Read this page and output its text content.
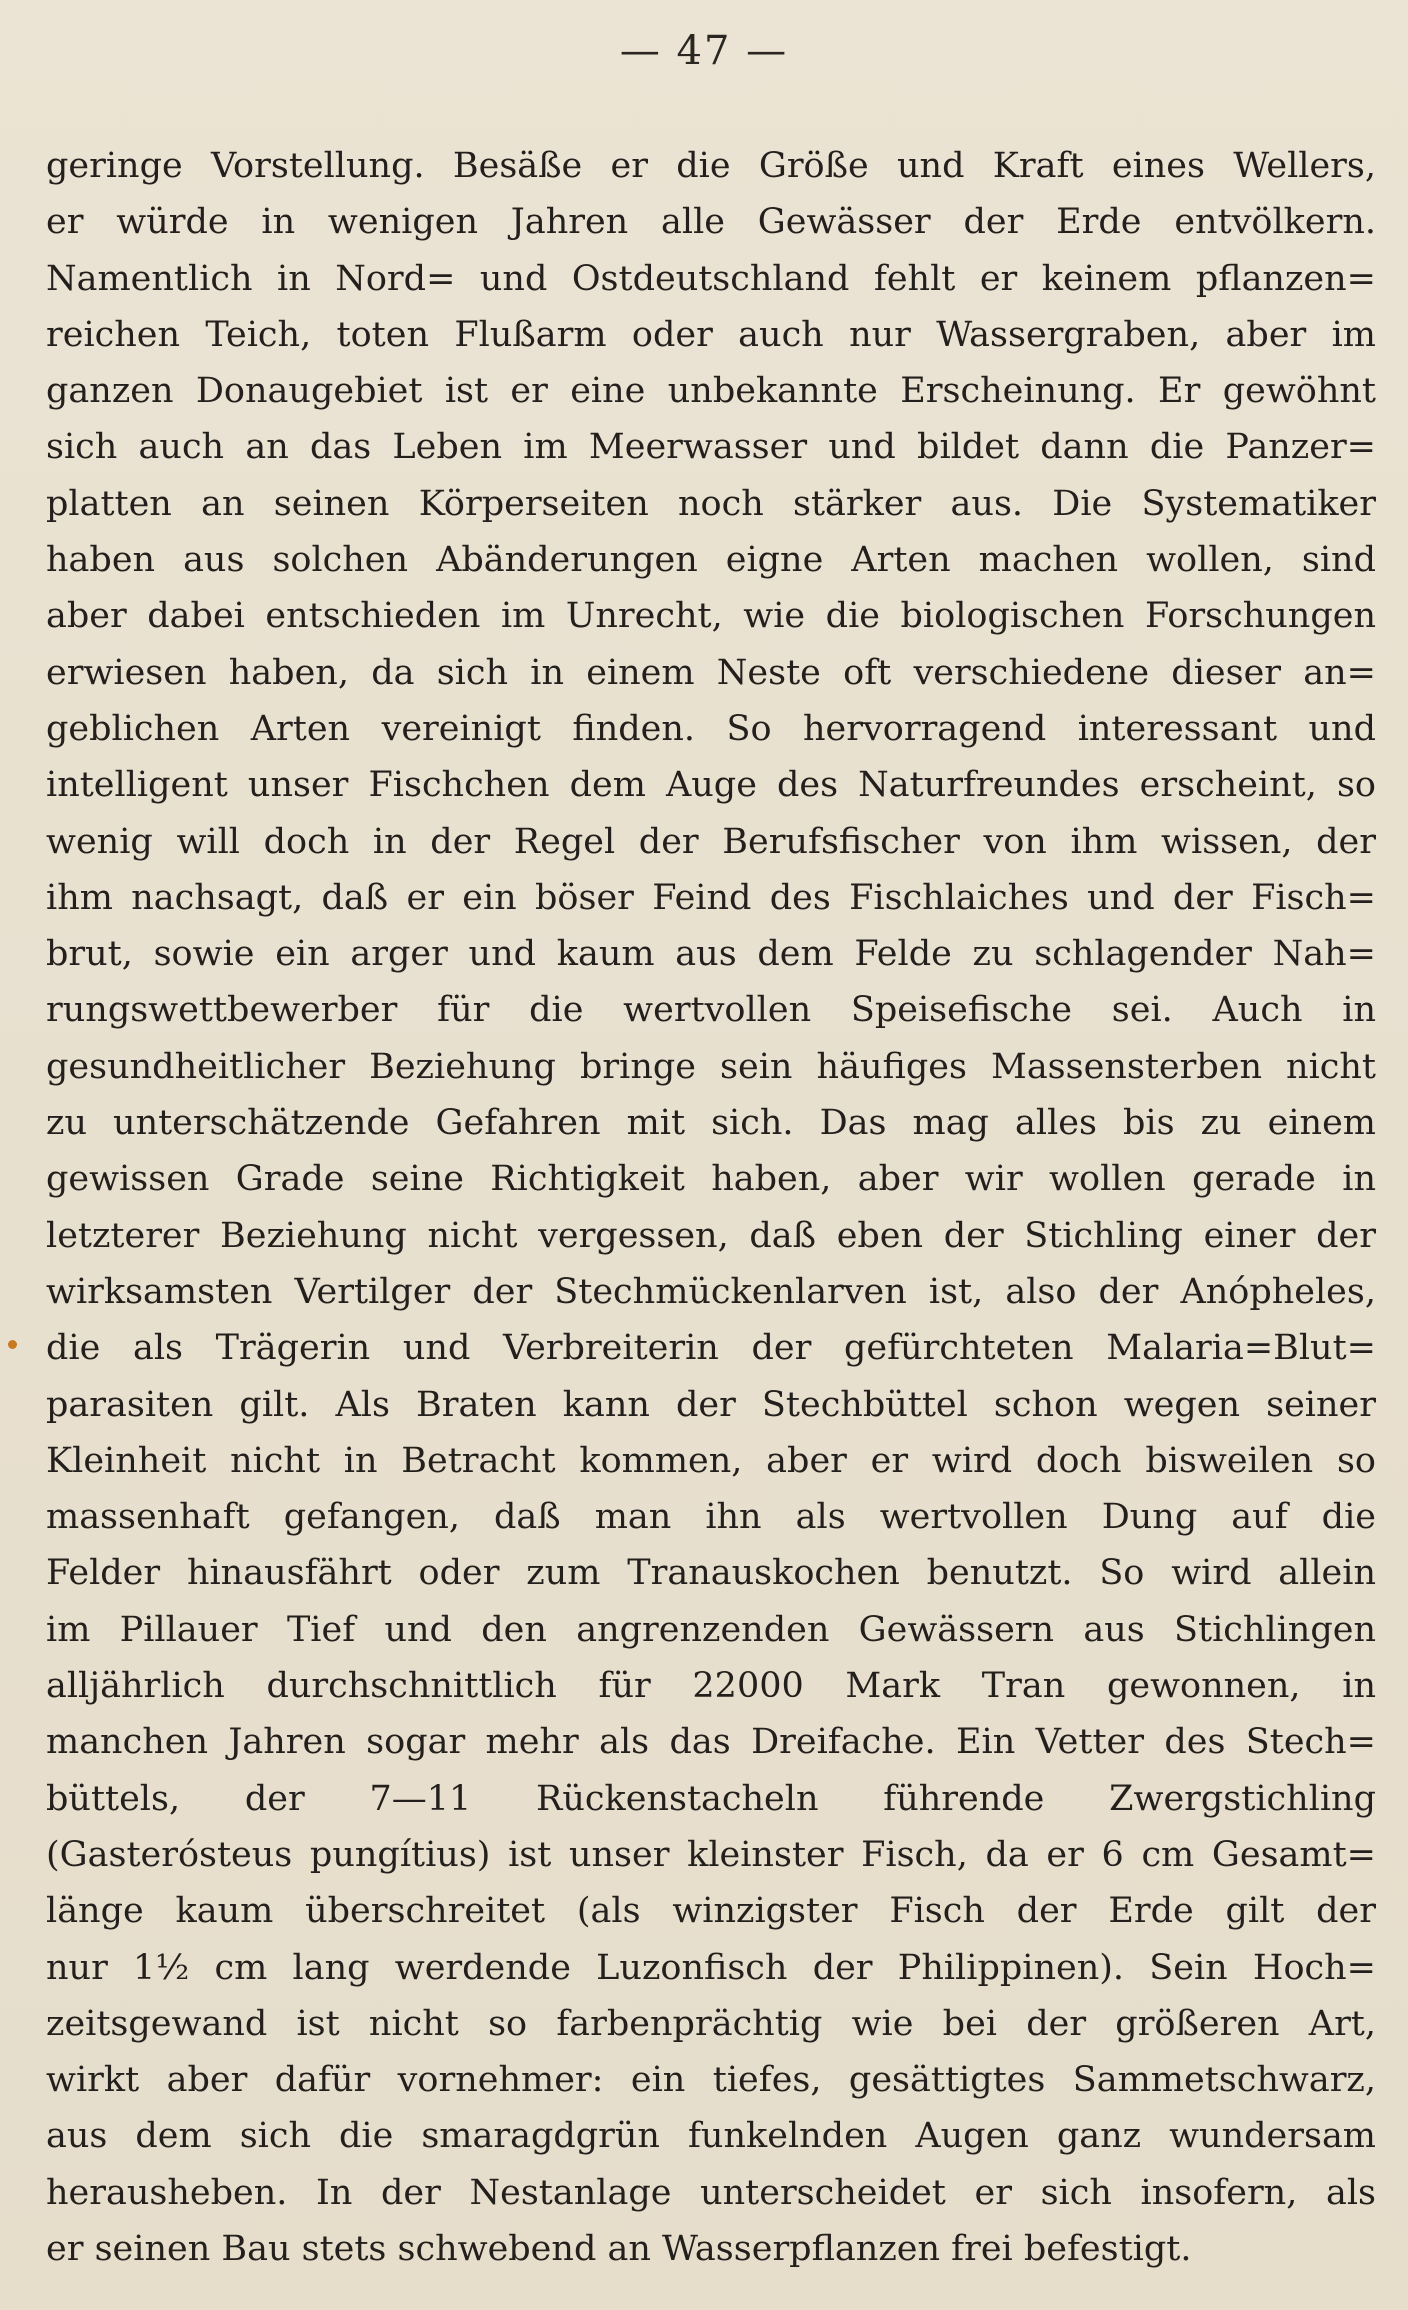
— 47 —
geringe Vorstellung. Besäße er die Größe und Kraft eines Wellers,
er würde in wenigen Jahren alle Gewässer der Erde entvölkern.
Namentlich in Nord= und Ostdeutschland fehlt er keinem pflanzen=
reichen Teich, toten Flußarm oder auch nur Wassergraben, aber im
ganzen Donaugebiet ist er eine unbekannte Erscheinung. Er gewöhnt
sich auch an das Leben im Meerwasser und bildet dann die Panzer=
platten an seinen Körperseiten noch stärker aus. Die Systematiker
haben aus solchen Abänderungen eigne Arten machen wollen, sind
aber dabei entschieden im Unrecht, wie die biologischen Forschungen
erwiesen haben, da sich in einem Neste oft verschiedene dieser an=
geblichen Arten vereinigt finden. So hervorragend interessant und
intelligent unser Fischchen dem Auge des Naturfreundes erscheint, so
wenig will doch in der Regel der Berufsfischer von ihm wissen, der
ihm nachsagt, daß er ein böser Feind des Fischlaiches und der Fisch=
brut, sowie ein arger und kaum aus dem Felde zu schlagender Nah=
rungswettbewerber für die wertvollen Speisefische sei. Auch in
gesundheitlicher Beziehung bringe sein häufiges Massensterben nicht
zu unterschätzende Gefahren mit sich. Das mag alles bis zu einem
gewissen Grade seine Richtigkeit haben, aber wir wollen gerade in
letzterer Beziehung nicht vergessen, daß eben der Stichling einer der
wirksamsten Vertilger der Stechmückenlarven ist, also der Anópheles,
die als Trägerin und Verbreiterin der gefürchteten Malaria=Blut=
parasiten gilt. Als Braten kann der Stechbüttel schon wegen seiner
Kleinheit nicht in Betracht kommen, aber er wird doch bisweilen so
massenhaft gefangen, daß man ihn als wertvollen Dung auf die
Felder hinausfährt oder zum Tranauskochen benutzt. So wird allein
im Pillauer Tief und den angrenzenden Gewässern aus Stichlingen
alljährlich durchschnittlich für 22000 Mark Tran gewonnen, in
manchen Jahren sogar mehr als das Dreifache. Ein Vetter des Stech=
büttels, der 7—11 Rückenstacheln führende Zwergstichling
(Gasterósteus pungítius) ist unser kleinster Fisch, da er 6 cm Gesamt=
länge kaum überschreitet (als winzigster Fisch der Erde gilt der
nur 1½ cm lang werdende Luzonfisch der Philippinen). Sein Hoch=
zeitsgewand ist nicht so farbenprächtig wie bei der größeren Art,
wirkt aber dafür vornehmer: ein tiefes, gesättigtes Sammetschwarz,
aus dem sich die smaragdgrün funkelnden Augen ganz wundersam
herausheben. In der Nestanlage unterscheidet er sich insofern, als
er seinen Bau stets schwebend an Wasserpflanzen frei befestigt.
